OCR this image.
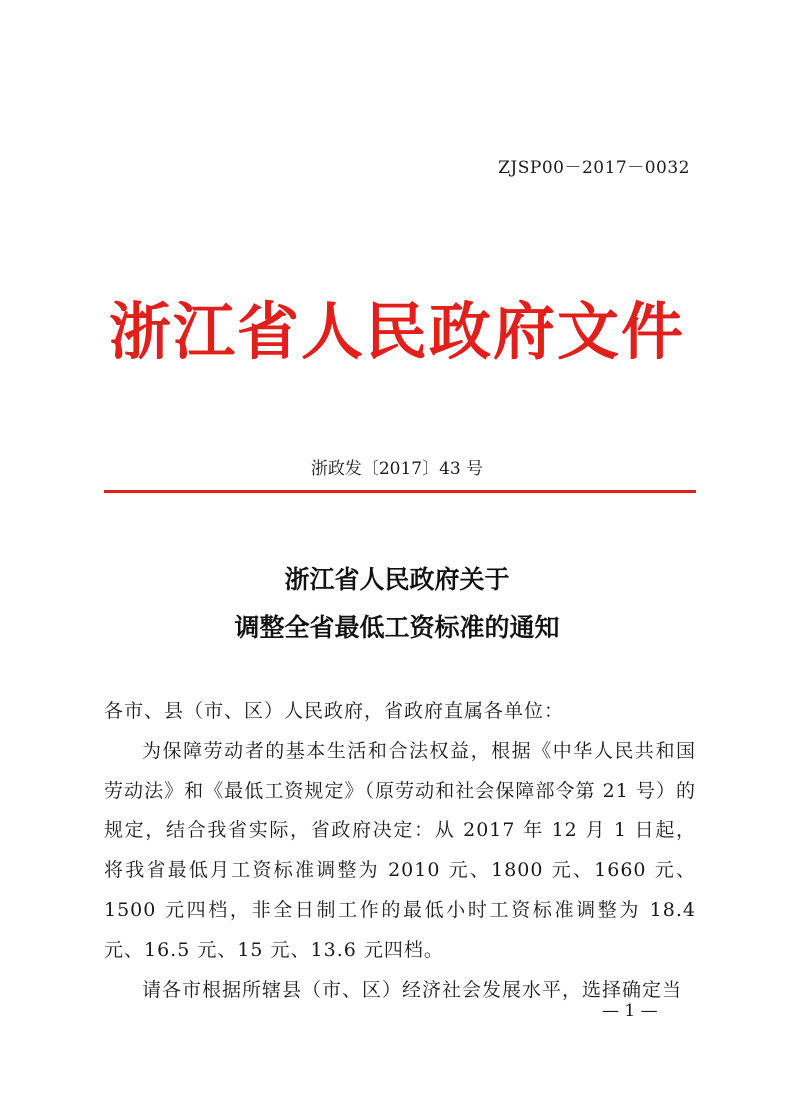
ZJSP00－2017－0032
浙江省人民政府文件
浙政发〔2017〕43 号
浙江省人民政府关于
调整全省最低工资标准的通知

各市、县（市、区）人民政府，省政府直属各单位：

为保障劳动者的基本生活和合法权益，根据《中华人民共和国劳动法》和《最低工资规定》（原劳动和社会保障部令第 21 号）的规定，结合我省实际，省政府决定：从 2017 年 12 月 1 日起，将我省最低月工资标准调整为 2010 元、1800 元、1660 元、1500 元四档，非全日制工作的最低小时工资标准调整为 18.4 元、16.5 元、15 元、13.6 元四档。

请各市根据所辖县（市、区）经济社会发展水平，选择确定当

— 1 —
